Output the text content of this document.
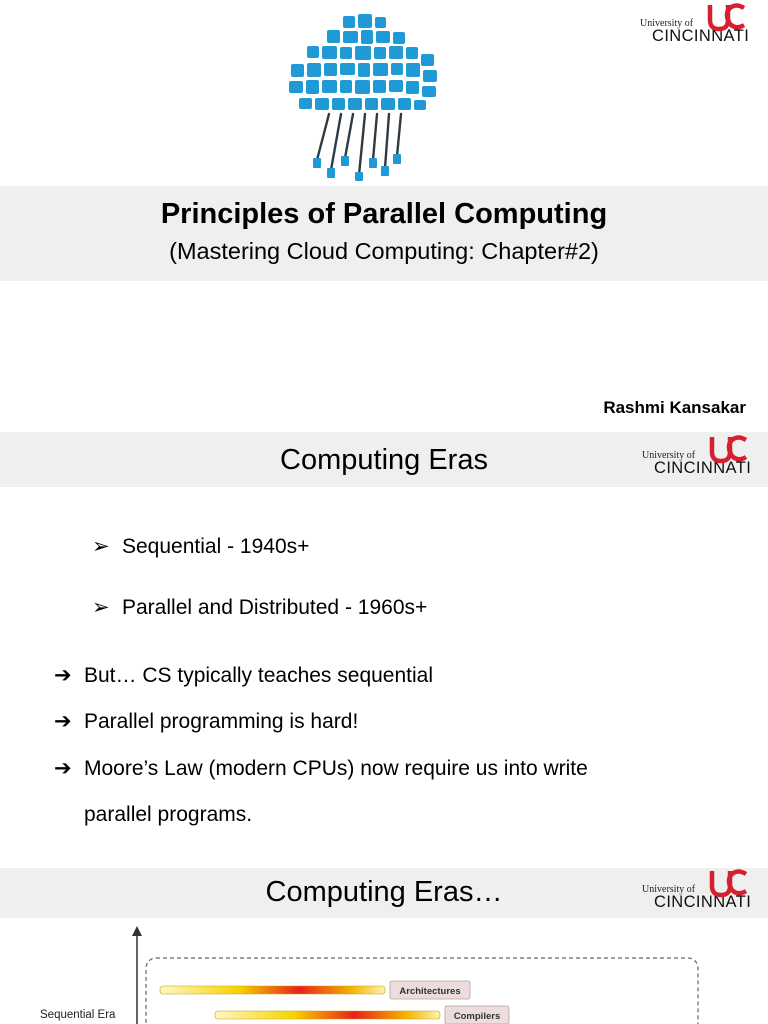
University of
CINCINNATI
Principles of Parallel Computing
(Mastering Cloud Computing: Chapter#2)
Rashmi Kansakar
Computing Eras	University of
CINCINNATI
➢ Sequential - 1940s+
➢ Parallel and Distributed - 1960s+
➔ But… CS typically teaches sequential
➔ Parallel programming is hard!
➔ Moore’s Law (modern CPUs) now require us into write
parallel programs.
Computing Eras…	University of
CINCINNATI
Architectures
Compilers
Sequential Era
